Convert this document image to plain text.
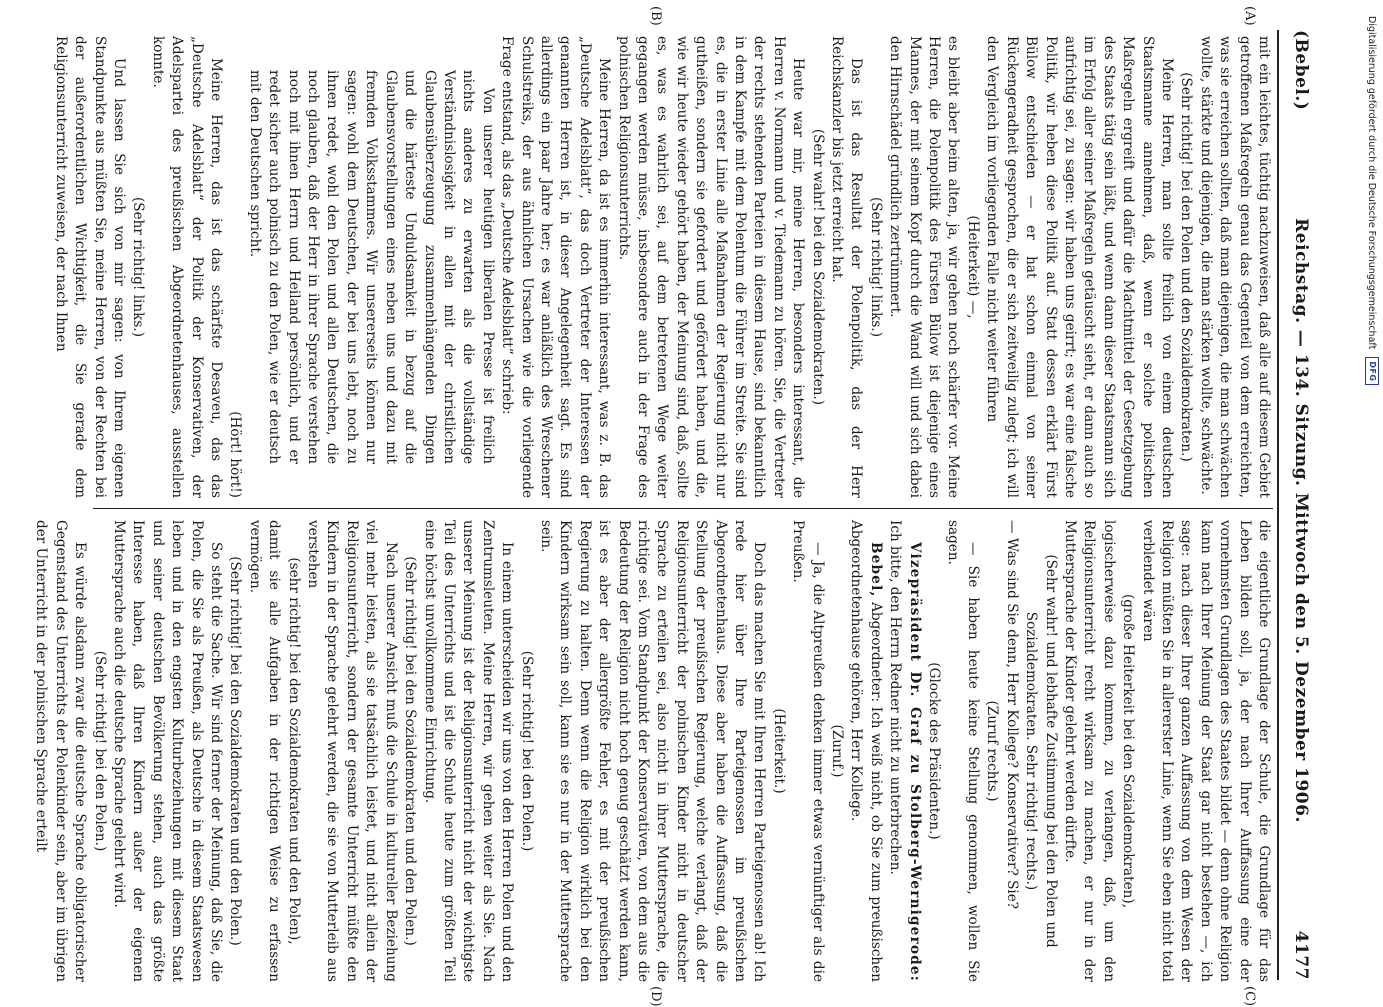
(A)
(B)
(C)
(D)
(Bebel.)
Reichstag. — 134. Sitzung. Mittwoch den 5. Dezember 1906.
4177

mit ein leichtes, tüchtig nachzuweisen, daß alle auf diesem Gebiet getroffenen Maßregeln genau das Gegenteil von dem erreichten, was sie erreichen sollten, daß man diejenigen, die man schwächen wollte, stärkte und diejenigen, die man stärken wollte, schwächte.

(Sehr richtig! bei den Polen und den Sozialdemokraten.)

Meine Herren, man sollte freilich von einem deutschen Staatsmanne annehmen, daß, wenn er solche politischen Maßregeln ergreift und dafür die Machtmittel der Gesetzgebung des Staats tätig sein läßt, und wenn dann dieser Staatsmann sich im Erfolg aller seiner Maßregeln getäuscht sieht, er dann auch so aufrichtig sei, zu sagen: wir haben uns geirrt; es war eine falsche Politik, wir heben diese Politik auf. Statt dessen erklärt Fürst Bülow entschieden — er hat schon einmal von seiner Rückengeradheit gesprochen, die er sich zeitweilig zulegt; ich will den Vergleich im vorliegenden Falle nicht weiter führen

(Heiterkeit) —,

es bleibt aber beim alten, ja, wir gehen noch schärfer vor. Meine Herren, die Polenpolitik des Fürsten Bülow ist diejenige eines Mannes, der mit seinem Kopf durch die Wand will und sich dabei den Hirnschädel gründlich zertrümmert.

(Sehr richtig! links.)

Das ist das Resultat der Polenpolitik, das der Herr Reichskanzler bis jetzt erreicht hat.

(Sehr wahr! bei den Sozialdemokraten.)

Heute war mir, meine Herren, besonders interessant, die Herren v. Normann und v. Tiedemann zu hören. Sie, die Vertreter der rechts stehenden Parteien in diesem Hause, sind bekanntlich in dem Kampfe mit dem Polentum die Führer im Streite. Sie sind es, die in erster Linie alle Maßnahmen der Regierung nicht nur gutheißen, sondern sie gefordert und gefördert haben, und die, wie wir heute wieder gehört haben, der Meinung sind, daß, sollte es, was es wahrlich sei, auf dem betretenen Wege weiter gegangen werden müsse, insbesondere auch in der Frage des polnischen Religionsunterrichts.

Meine Herren, da ist es immerhin interessant, was z. B. das „Deutsche Adelsblatt“, das doch Vertreter der Interessen der genannten Herren ist, in dieser Angelegenheit sagt. Es sind allerdings ein paar Jahre her; es war anläßlich des Wreschener Schulstreiks, der aus ähnlichen Ursachen wie die vorliegende Frage entstand, als das „Deutsche Adelsblatt“ schrieb:

Von unserer heutigen liberalen Presse ist freilich nichts anderes zu erwarten als die vollständige Verständnislosigkeit in allen mit der christlichen Glaubensüberzeugung zusammenhängenden Dingen und die härteste Unduldsamkeit in bezug auf die Glaubensvorstellungen eines neben uns und dazu mit fremden Volksstammes. Wir unsererseits können nur sagen: wohl dem Deutschen, der bei uns lebt, noch zu ihnen redet, wohl den Polen und allen Deutschen, die noch glauben, daß der Herr in ihrer Sprache verstehen noch mit ihnen Herrn und Heiland persönlich, und er redet sicher auch polnisch zu den Polen, wie er deutsch mit den Deutschen spricht.

(Hört! hört!)

Meine Herren, das ist das schärfste Desaveu, das das „Deutsche Adelsblatt“ der Politik der Konservativen, der Adelspartei des preußischen Abgeordnetenhauses, ausstellen konnte.

(Sehr richtig! links.)

Und lassen Sie sich von mir sagen: von Ihrem eigenen Standpunkte aus müßten Sie, meine Herren, von der Rechten bei der außerordentlichen Wichtigkeit, die Sie gerade dem Religionsunterricht zuweisen, der nach Ihnen

die eigentliche Grundlage der Schule, die Grundlage für das Leben bilden soll, ja, der nach Ihrer Auffassung eine der vornehmsten Grundlagen des Staates bildet — denn ohne Religion kann nach Ihrer Meinung der Staat gar nicht bestehen —, ich sage: nach dieser Ihrer ganzen Auffassung von dem Wesen der Religion müßten Sie in allererster Linie, wenn Sie eben nicht total verblendet wären

(große Heiterkeit bei den Sozialdemokraten),

logischerweise dazu kommen, zu verlangen, daß, um den Religionsunterricht recht wirksam zu machen, er nur in der Muttersprache der Kinder gelehrt werden dürfte.

(Sehr wahr! und lebhafte Zustimmung bei den Polen und Sozialdemokraten. Sehr richtig! rechts.)

— Was sind Sie denn, Herr Kollege? Konservativer? Sie?

(Zuruf rechts.)

— Sie haben heute keine Stellung genommen, wollen Sie sagen.

(Glocke des Präsidenten.)

Vizepräsident Dr. Graf zu Stolberg-Wernigerode: Ich bitte, den Herrn Redner nicht zu unterbrechen.

Bebel, Abgeordneter: Ich weiß nicht, ob Sie zum preußischen Abgeordnetenhause gehören, Herr Kollege.

(Zuruf.)

— Ja, die Altpreußen denken immer etwas vernünftiger als die Preußen.

(Heiterkeit.)

Doch das machen Sie mit Ihren Herren Parteigenossen ab! Ich rede hier über Ihre Parteigenossen im preußischen Abgeordnetenhaus. Diese aber haben die Auffassung, daß die Stellung der preußischen Regierung, welche verlangt, daß der Religionsunterricht der polnischen Kinder nicht in deutscher Sprache zu erteilen sei, also nicht in ihrer Muttersprache, die richtige sei. Vom Standpunkt der Konservativen, von dem aus die Bedeutung der Religion nicht hoch genug geschätzt werden kann, ist es aber der allergrößte Fehler, es mit der preußischen Regierung zu halten. Denn wenn die Religion wirklich bei den Kindern wirksam sein soll, kann sie es nur in der Muttersprache sein.

(Sehr richtig! bei den Polen.)

In einem unterscheiden wir uns von den Herren Polen und den Zentrumsleuten. Meine Herren, wir gehen weiter als Sie. Nach unserer Meinung ist der Religionsunterricht nicht der wichtigste Teil des Unterrichts und ist die Schule heute zum größten Teil eine höchst unvollkommene Einrichtung.

(Sehr richtig! bei den Sozialdemokraten und den Polen.)

Nach unserer Ansicht muß die Schule in kultureller Beziehung viel mehr leisten, als sie tatsächlich leistet, und nicht allein der Religionsunterricht, sondern der gesamte Unterricht müßte den Kindern in der Sprache gelehrt werden, die sie von Mutterleib aus verstehen

(sehr richtig! bei den Sozialdemokraten und den Polen),

damit sie alle Aufgaben in der richtigen Weise zu erfassen vermögen.

(Sehr richtig! bei den Sozialdemokraten und den Polen.)

So steht die Sache. Wir sind ferner der Meinung, daß Sie, die Polen, die Sie als Preußen, als Deutsche in diesem Staatswesen leben und in den engsten Kulturbeziehungen mit diesem Staat und seiner deutschen Bevölkerung stehen, auch das größte Interesse haben, daß Ihren Kindern außer der eigenen Muttersprache auch die deutsche Sprache gelehrt wird.

(Sehr richtig! bei den Polen.)

Es würde alsdann zwar die deutsche Sprache obligatorischer Gegenstand des Unterrichts der Polenkinder sein, aber im übrigen der Unterricht in der polnischen Sprache erteilt

Digitalisierung gefördert durch die Deutsche Forschungsgemeinschaft
DFG
